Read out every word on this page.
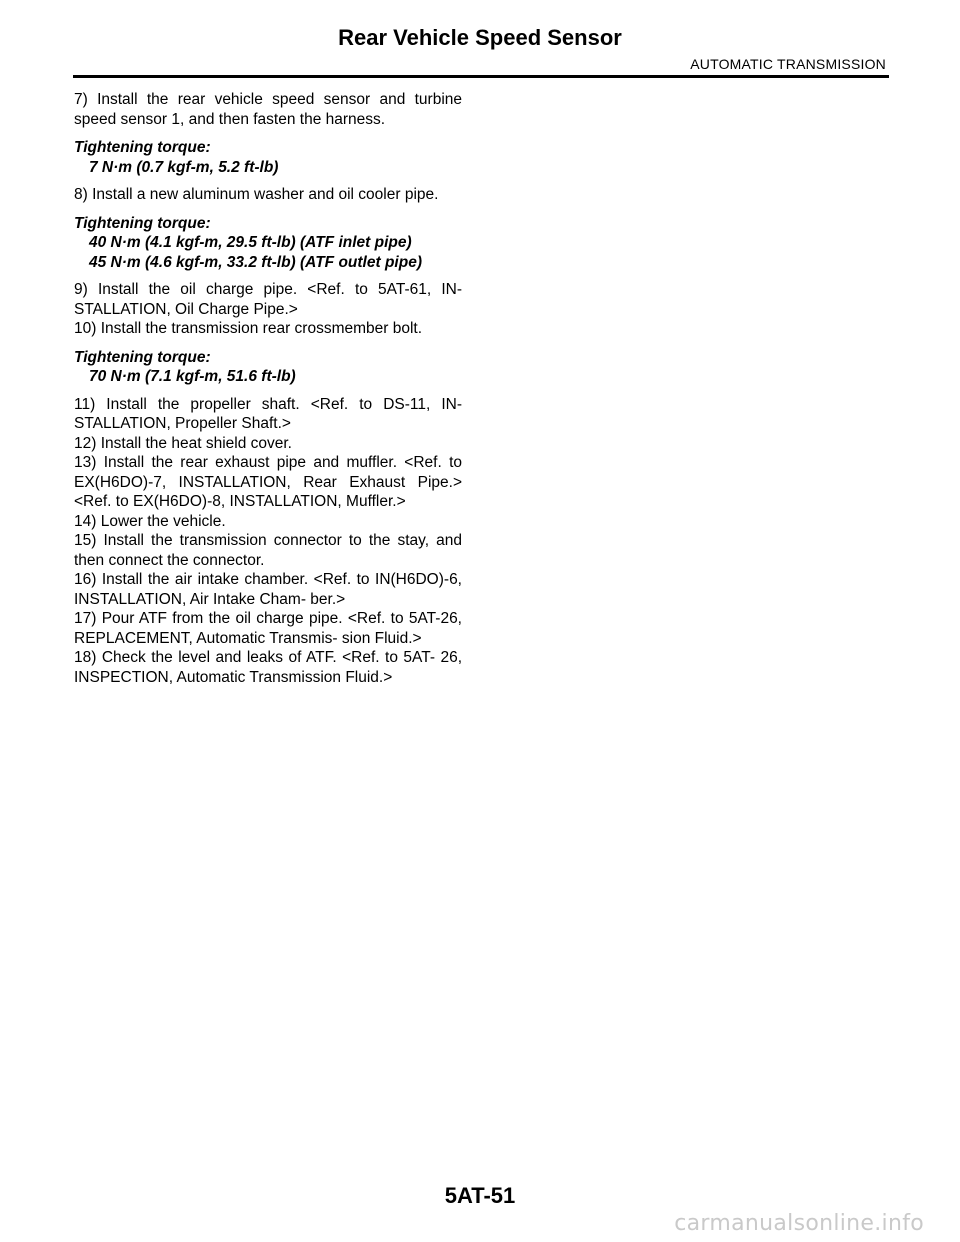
Rear Vehicle Speed Sensor
AUTOMATIC TRANSMISSION

7) Install the rear vehicle speed sensor and turbine speed sensor 1, and then fasten the harness.

Tightening torque:

7 N·m (0.7 kgf-m, 5.2 ft-lb)

8) Install a new aluminum washer and oil cooler pipe.

Tightening torque:

40 N·m (4.1 kgf-m, 29.5 ft-lb) (ATF inlet pipe)

45 N·m (4.6 kgf-m, 33.2 ft-lb) (ATF outlet pipe)

9) Install the oil charge pipe. <Ref. to 5AT-61, IN- STALLATION, Oil Charge Pipe.>

10) Install the transmission rear crossmember bolt.

Tightening torque:

70 N·m (7.1 kgf-m, 51.6 ft-lb)

11) Install the propeller shaft. <Ref. to DS-11, IN- STALLATION, Propeller Shaft.>

12) Install the heat shield cover.

13) Install the rear exhaust pipe and muffler. <Ref. to EX(H6DO)-7, INSTALLATION, Rear Exhaust Pipe.> <Ref. to EX(H6DO)-8, INSTALLATION, Muffler.>

14) Lower the vehicle.

15) Install the transmission connector to the stay, and then connect the connector.

16) Install the air intake chamber. <Ref. to IN(H6DO)-6, INSTALLATION, Air Intake Cham- ber.>

17) Pour ATF from the oil charge pipe. <Ref. to 5AT-26, REPLACEMENT, Automatic Transmis- sion Fluid.>

18) Check the level and leaks of ATF. <Ref. to 5AT- 26, INSPECTION, Automatic Transmission Fluid.>

5AT-51
carmanualsonline.info
